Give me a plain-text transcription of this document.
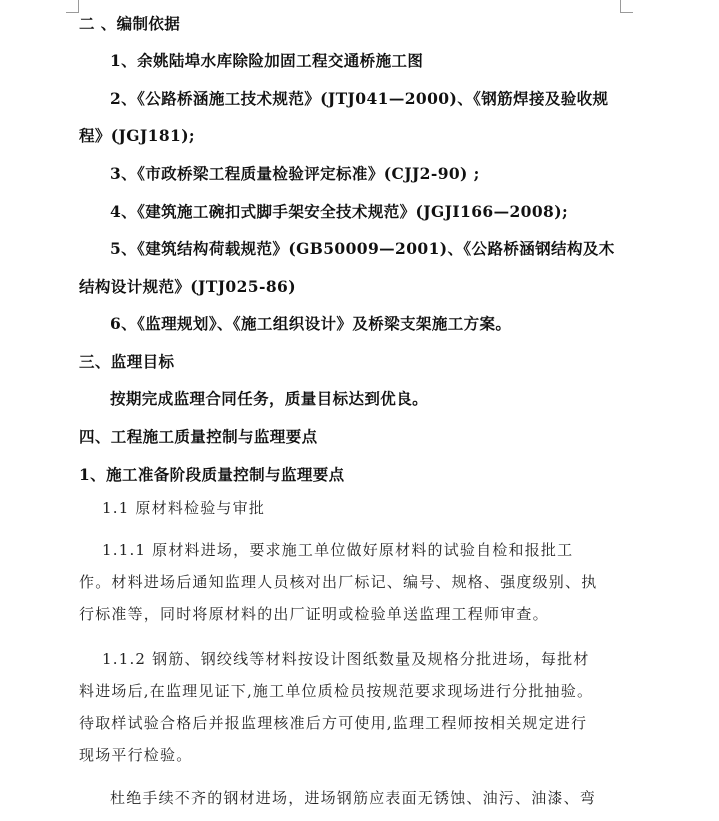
二 、编制依据
1、余姚陆埠水库除险加固工程交通桥施工图
2、《公路桥涵施工技术规范》(JTJ041—2000)、《钢筋焊接及验收规
程》(JGJ181);
3、《市政桥梁工程质量检验评定标准》(CJJ2-90) ;
4、《建筑施工碗扣式脚手架安全技术规范》(JGJI166—2008);
5、《建筑结构荷载规范》(GB50009—2001)、《公路桥涵钢结构及木
结构设计规范》(JTJ025-86)
6、《监理规划》、《施工组织设计》及桥梁支架施工方案。
三、监理目标
按期完成监理合同任务，质量目标达到优良。
四、工程施工质量控制与监理要点
1、施工准备阶段质量控制与监理要点
1.1 原材料检验与审批
1.1.1 原材料进场，要求施工单位做好原材料的试验自检和报批工
作。材料进场后通知监理人员核对出厂标记、编号、规格、强度级别、执
行标准等，同时将原材料的出厂证明或检验单送监理工程师审查。
1.1.2 钢筋、钢绞线等材料按设计图纸数量及规格分批进场，每批材
料进场后,在监理见证下,施工单位质检员按规范要求现场进行分批抽验。
待取样试验合格后并报监理核准后方可使用,监理工程师按相关规定进行
现场平行检验。
杜绝手续不齐的钢材进场，进场钢筋应表面无锈蚀、油污、油漆、弯
